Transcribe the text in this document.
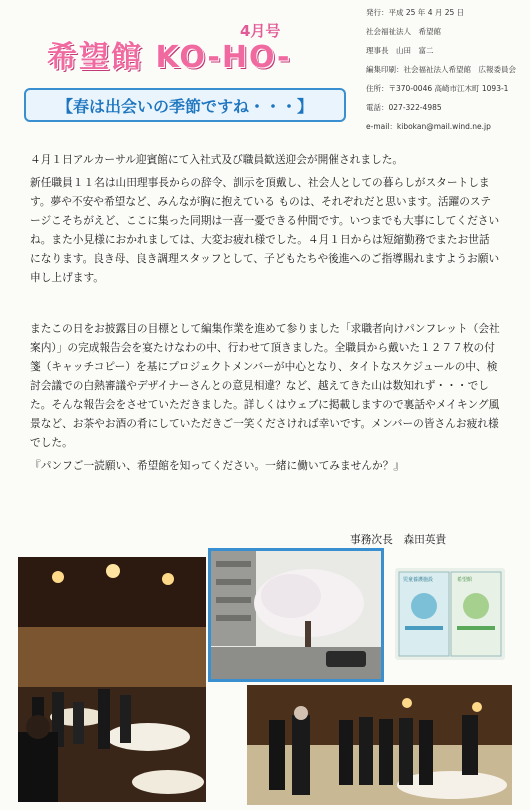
希望館 KO-HO-
4月号
【春は出会いの季節ですね・・・】
発行：平成 25 年 4 月 25 日
社会福祉法人　希望館
理事長　山田　富二
編集印刷：社会福祉法人希望館　広報委員会
住所：〒370-0046 高崎市江木町 1093-1
電話：027-322-4985
e-mail：kibokan@mail.wind.ne.jp

４月１日アルカーサル迎賓館にて入社式及び職員歓送迎会が開催されました。

新任職員１１名は山田理事長からの辞令、訓示を頂戴し、社会人としての暮らしがスタートします。夢や不安や希望など、みんなが胸に抱えている ものは、それぞれだと思います。活躍のステージこそちがえど、ここに集った同期は一喜一憂できる仲間です。いつまでも大事にしてくださいね。また小見様におかれましては、大変お疲れ様でした。４月１日からは短縮勤務でまたお世話になります。良き母、良き調理スタッフとして、子どもたちや後進へのご指導賜れますようお願い申し上げます。

またこの日をお披露目の目標として編集作業を進めて参りました「求職者向けパンフレット（会社案内）」の完成報告会を宴たけなわの中、行わせて頂きました。全職員から戴いた１２７７枚の付箋（キャッチコピー）を基にプロジェクトメンバーが中心となり、タイトなスケジュールの中、検討会議での白熱審議やデザイナーさんとの意見相違？など、越えてきた山は数知れず・・・でした。そんな報告会をさせていただきました。詳しくはウェブに掲載しますので裏話やメイキング風景など、お茶やお酒の肴にしていただきご一笑くださければ幸いです。メンバーの皆さんお疲れ様でした。

『パンフご一読願い、希望館を知ってください。一緒に働いてみませんか？』

事務次長　森田英貴
児童養護施設	希望館
